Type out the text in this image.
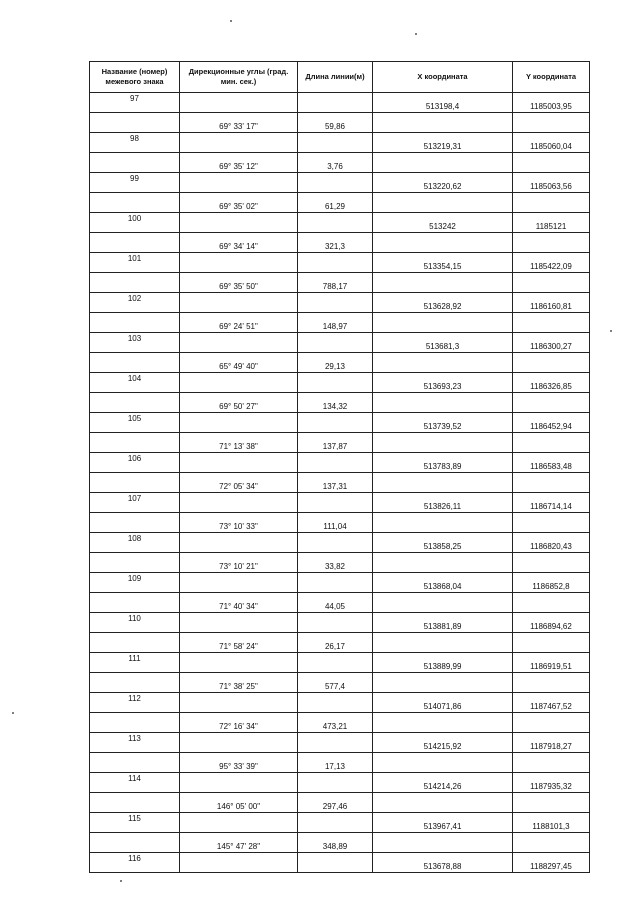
Название (номер) межевого знака	Дирекционные углы (град. мин. сек.)	Длина линии(м)	X координата	Y координата
97			513198,4	1185003,95
	69° 33' 17"	59,86		
98			513219,31	1185060,04
	69° 35' 12"	3,76		
99			513220,62	1185063,56
	69° 35' 02"	61,29		
100			513242	1185121
	69° 34' 14"	321,3		
101			513354,15	1185422,09
	69° 35' 50"	788,17		
102			513628,92	1186160,81
	69° 24' 51"	148,97		
103			513681,3	1186300,27
	65° 49' 40"	29,13		
104			513693,23	1186326,85
	69° 50' 27"	134,32		
105			513739,52	1186452,94
	71° 13' 38"	137,87		
106			513783,89	1186583,48
	72° 05' 34"	137,31		
107			513826,11	1186714,14
	73° 10' 33"	111,04		
108			513858,25	1186820,43
	73° 10' 21"	33,82		
109			513868,04	1186852,8
	71° 40' 34"	44,05		
110			513881,89	1186894,62
	71° 58' 24"	26,17		
111			513889,99	1186919,51
	71° 38' 25"	577,4		
112			514071,86	1187467,52
	72° 16' 34"	473,21		
113			514215,92	1187918,27
	95° 33' 39"	17,13		
114			514214,26	1187935,32
	146° 05' 00"	297,46		
115			513967,41	1188101,3
	145° 47' 28"	348,89		
116			513678,88	1188297,45
